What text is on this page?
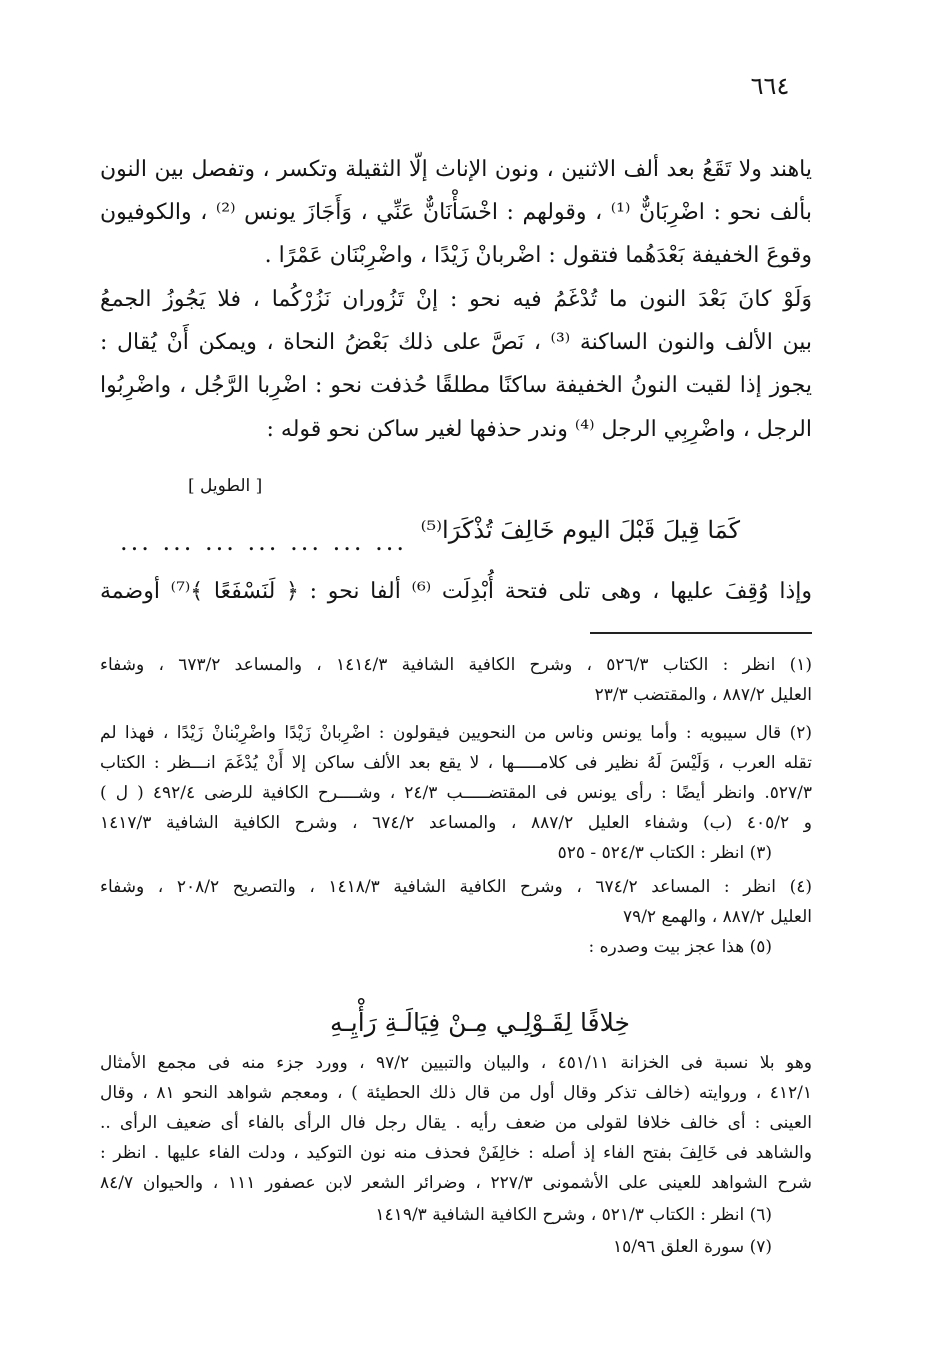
٦٦٤
ياهند ولا تَقَعُ بعد ألف الاثنين ، ونون الإناث إلّا الثقيلة وتكسر ، وتفصل بين النون
بألف نحو : اضْرِبَانٌّ ⁽¹⁾ ، وقولهم : اخْسَأْنَانٌّ عَنِّي ، وَأَجَازَ يونس ⁽²⁾ ، والكوفيون
وقوعَ الخفيفة بَعْدَهُما فتقول : اضْربانْ زَيْدًا ، واضْرِبْنَان عَمْرًا .
وَلَوْ كانَ بَعْدَ النون ما تُدْغَمُ فيه نحو : إنْ تَزُوران نَزُرْكُما ، فلا يَجُوزُ الجمعُ
بين الألف والنون الساكنة ⁽³⁾ ، نَصَّ على ذلك بَعْضُ النحاة ، ويمكن أَنْ يُقال :
يجوز إذا لقيت النونُ الخفيفة ساكنًا مطلقًا حُذفت نحو : اضْرِبا الرَّجُل ، واضْرِبُوا
الرجل ، واضْرِبِي الرجل ⁽⁴⁾ وندر حذفها لغير ساكن نحو قوله :
[ الطويل ]
... ... ... ... ... ... ... كَمَا قِيلَ قَبْلَ اليوم خَالِفَ تُذْكَرَا⁽⁵⁾
وإذا وُقِفَ عليها ، وهى تلى فتحة أُبْدِلَت ⁽⁶⁾ ألفا نحو : ﴿ لَنَسْفَعًا ﴾⁽⁷⁾ أوضمة
(١) انظر : الكتاب ٥٢٦/٣ ، وشرح الكافية الشافية ١٤١٤/٣ ، والمساعد ٦٧٣/٢ ، وشفاء
العليل ٨٨٧/٢ ، والمقتضب ٢٣/٣
(٢) قال سيبويه : وأما يونس وناس من النحويين فيقولون : اضْرِبانْ زَيْدًا واضْرِبْنانْ زَيْدًا ، فهذا لم
تقله العرب ، وَلَيْسَ لَهُ نظير فى كلامـــــها ، لا يقع بعد الألف ساكن إلا أَنْ يُدْغَمَ انـــظر : الكتاب
٥٢٧/٣. وانظر أيضًا : رأى يونس فى المقتضـــــب ٢٤/٣ ، وشــــرح الكافية للرضى ٤٩٢/٤ ( ل )
و ٤٠٥/٢ (ب) وشفاء العليل ٨٨٧/٢ ، والمساعد ٦٧٤/٢ ، وشرح الكافية الشافية ١٤١٧/٣
(٣) انظر : الكتاب ٥٢٤/٣ - ٥٢٥
(٤) انظر : المساعد ٦٧٤/٢ ، وشرح الكافية الشافية ١٤١٨/٣ ، والتصريح ٢٠٨/٢ ، وشفاء
العليل ٨٨٧/٢ ، والهمع ٧٩/٢
(٥) هذا عجز بيت وصدره :
خِلافًا لِقَـوْلِـي مِـنْ فِيَالَـةِ رَأْيِـهِ
وهو بلا نسبة فى الخزانة ٤٥١/١١ ، والبيان والتبيين ٩٧/٢ ، وورد جزء منه فى مجمع الأمثال
٤١٢/١ ، وروايته (خالف تذكر وقال أول من قال ذلك الحطيئة ) ، ومعجم شواهد النحو ٨١ ، وقال
العينى : أى خالف خلافا لقولى من ضعف رأيه . يقال رجل فال الرأى بالفاء أى ضعيف الرأى ..
والشاهد فى خَالِفَ بفتح الفاء إذ أصله : خالِفَنْ فحذف منه نون التوكيد ، ودلت الفاء عليها . انظر :
شرح الشواهد للعينى على الأشمونى ٢٢٧/٣ ، وضرائر الشعر لابن عصفور ١١١ ، والحيوان ٨٤/٧
(٦) انظر : الكتاب ٥٢١/٣ ، وشرح الكافية الشافية ١٤١٩/٣
(٧) سورة العلق ١٥/٩٦
